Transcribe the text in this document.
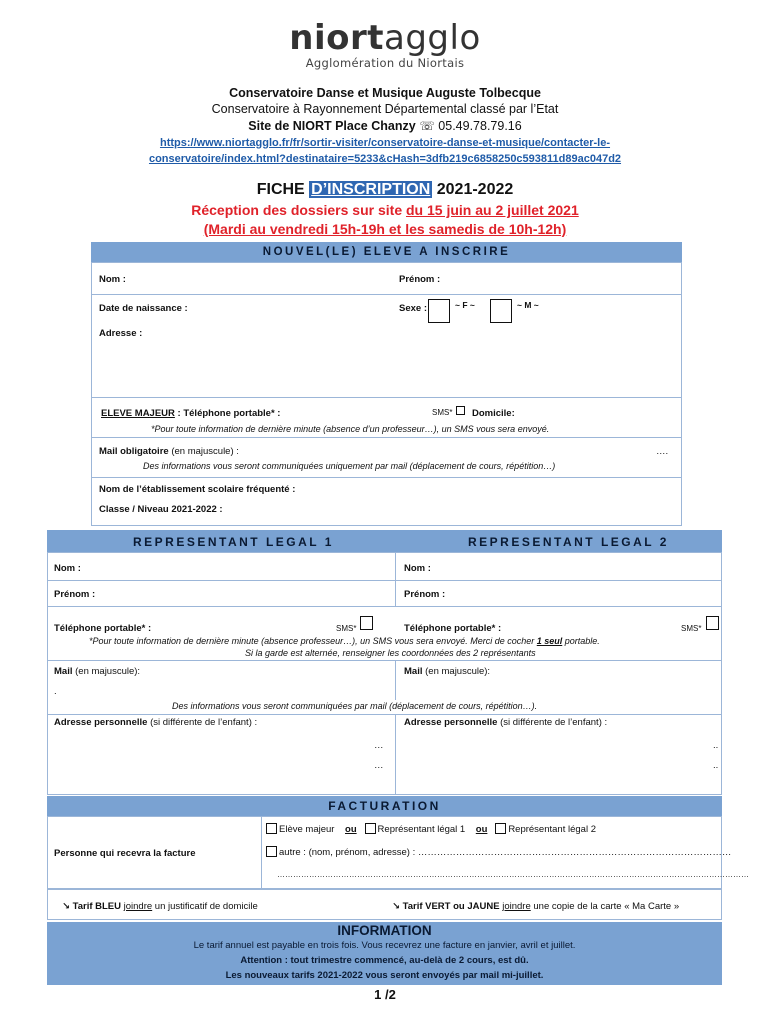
niortagglo
Agglomération du Niortais
Conservatoire Danse et Musique Auguste Tolbecque
Conservatoire à Rayonnement Départemental classé par l’Etat
Site de NIORT Place Chanzy ☏ 05.49.78.79.16
https://www.niortagglo.fr/fr/sortir-visiter/conservatoire-danse-et-musique/contacter-le-
conservatoire/index.html?destinataire=5233&cHash=3dfb219c6858250c593811d89ac047d2
FICHE D’INSCRIPTION 2021-2022
Réception des dossiers sur site du 15 juin au 2 juillet 2021
(Mardi au vendredi 15h-19h et les samedis de 10h-12h)
NOUVEL(LE) ELEVE A INSCRIRE
Nom :	Prénom :
Date de naissance :	Sexe :	~ F ~	~ M ~
Adresse :
ELEVE MAJEUR : Téléphone portable* :	SMS* Domicile:
*Pour toute information de dernière minute (absence d’un professeur…), un SMS vous sera envoyé.
Mail obligatoire (en majuscule) :	….
Des informations vous seront communiquées uniquement par mail (déplacement de cours, répétition…)
Nom de l’établissement scolaire fréquenté :
Classe / Niveau 2021-2022 :
REPRESENTANT LEGAL 1	REPRESENTANT LEGAL 2
Nom :	Nom :
Prénom :	Prénom :
Téléphone portable* :	SMS*	Téléphone portable* :	SMS*
*Pour toute information de dernière minute (absence professeur…), un SMS vous sera envoyé. Merci de cocher 1 seul portable.
Si la garde est alternée, renseigner les coordonnées des 2 représentants
Mail (en majuscule):	Mail (en majuscule):
.
Des informations vous seront communiquées par mail (déplacement de cours, répétition…).
Adresse personnelle (si différente de l’enfant) :	Adresse personnelle (si différente de l’enfant) :
…
…
..
..
FACTURATION
Personne qui recevra la facture
Elève majeur ou Représentant légal 1 ou Représentant légal 2
autre : (nom, prénom, adresse) : ………………………………………………………………………………………
……………………………………………………………………………………………………………………………………………………………
↘ Tarif BLEU joindre un justificatif de domicile	↘ Tarif VERT ou JAUNE joindre une copie de la carte « Ma Carte »
INFORMATION
Le tarif annuel est payable en trois fois. Vous recevrez une facture en janvier, avril et juillet.
Attention : tout trimestre commencé, au-delà de 2 cours, est dû.
Les nouveaux tarifs 2021-2022 vous seront envoyés par mail mi-juillet.
1 /2
